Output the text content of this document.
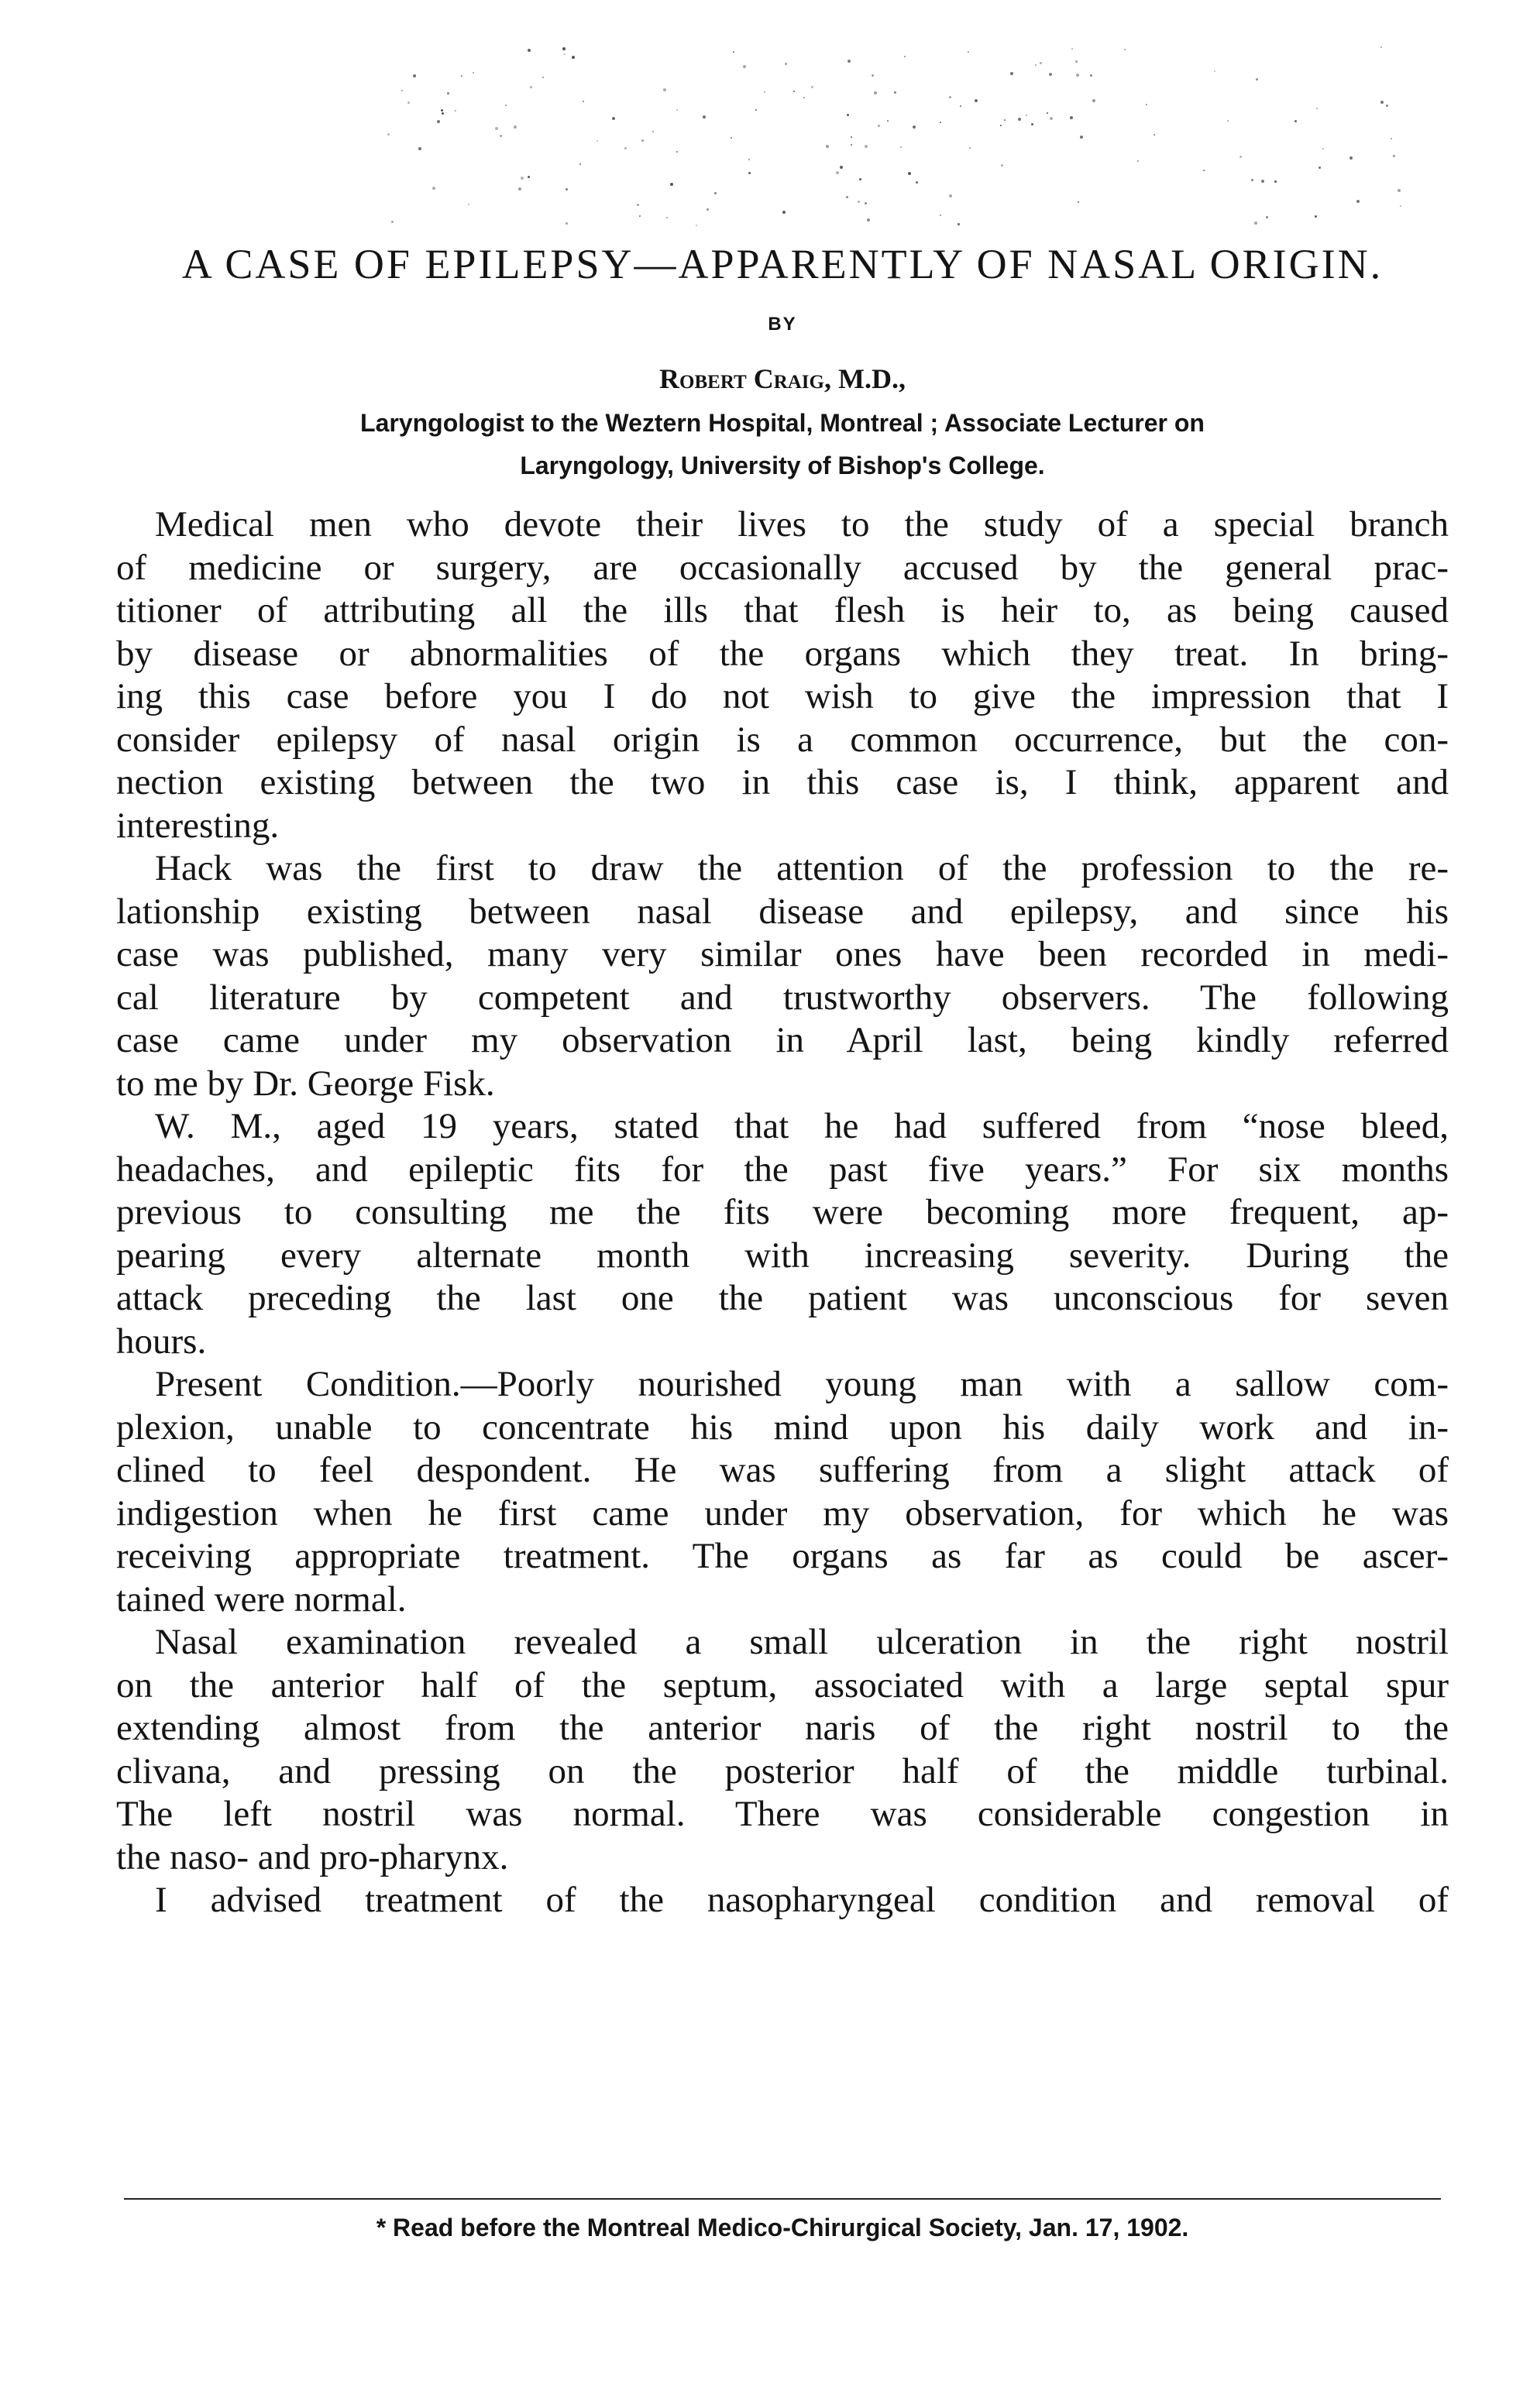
A CASE OF EPILEPSY—APPARENTLY OF NASAL ORIGIN.
BY
Robert Craig, M.D.,
Laryngologist to the Weztern Hospital, Montreal ; Associate Lecturer on
Laryngology, University of Bishop's College.

Medical men who devote their lives to the study of a special branch
of medicine or surgery, are occasionally accused by the general prac-
titioner of attributing all the ills that flesh is heir to, as being caused
by disease or abnormalities of the organs which they treat. In bring-
ing this case before you I do not wish to give the impression that I
consider epilepsy of nasal origin is a common occurrence, but the con-
nection existing between the two in this case is, I think, apparent and
interesting.

Hack was the first to draw the attention of the profession to the re-
lationship existing between nasal disease and epilepsy, and since his
case was published, many very similar ones have been recorded in medi-
cal literature by competent and trustworthy observers. The following
case came under my observation in April last, being kindly referred
to me by Dr. George Fisk.

W. M., aged 19 years, stated that he had suffered from “nose bleed,
headaches, and epileptic fits for the past five years.” For six months
previous to consulting me the fits were becoming more frequent, ap-
pearing every alternate month with increasing severity. During the
attack preceding the last one the patient was unconscious for seven
hours.

Present Condition.—Poorly nourished young man with a sallow com-
plexion, unable to concentrate his mind upon his daily work and in-
clined to feel despondent. He was suffering from a slight attack of
indigestion when he first came under my observation, for which he was
receiving appropriate treatment. The organs as far as could be ascer-
tained were normal.

Nasal examination revealed a small ulceration in the right nostril
on the anterior half of the septum, associated with a large septal spur
extending almost from the anterior naris of the right nostril to the
clivana, and pressing on the posterior half of the middle turbinal.
The left nostril was normal. There was considerable congestion in
the naso- and pro-pharynx.

I advised treatment of the nasopharyngeal condition and removal of

* Read before the Montreal Medico-Chirurgical Society, Jan. 17, 1902.
